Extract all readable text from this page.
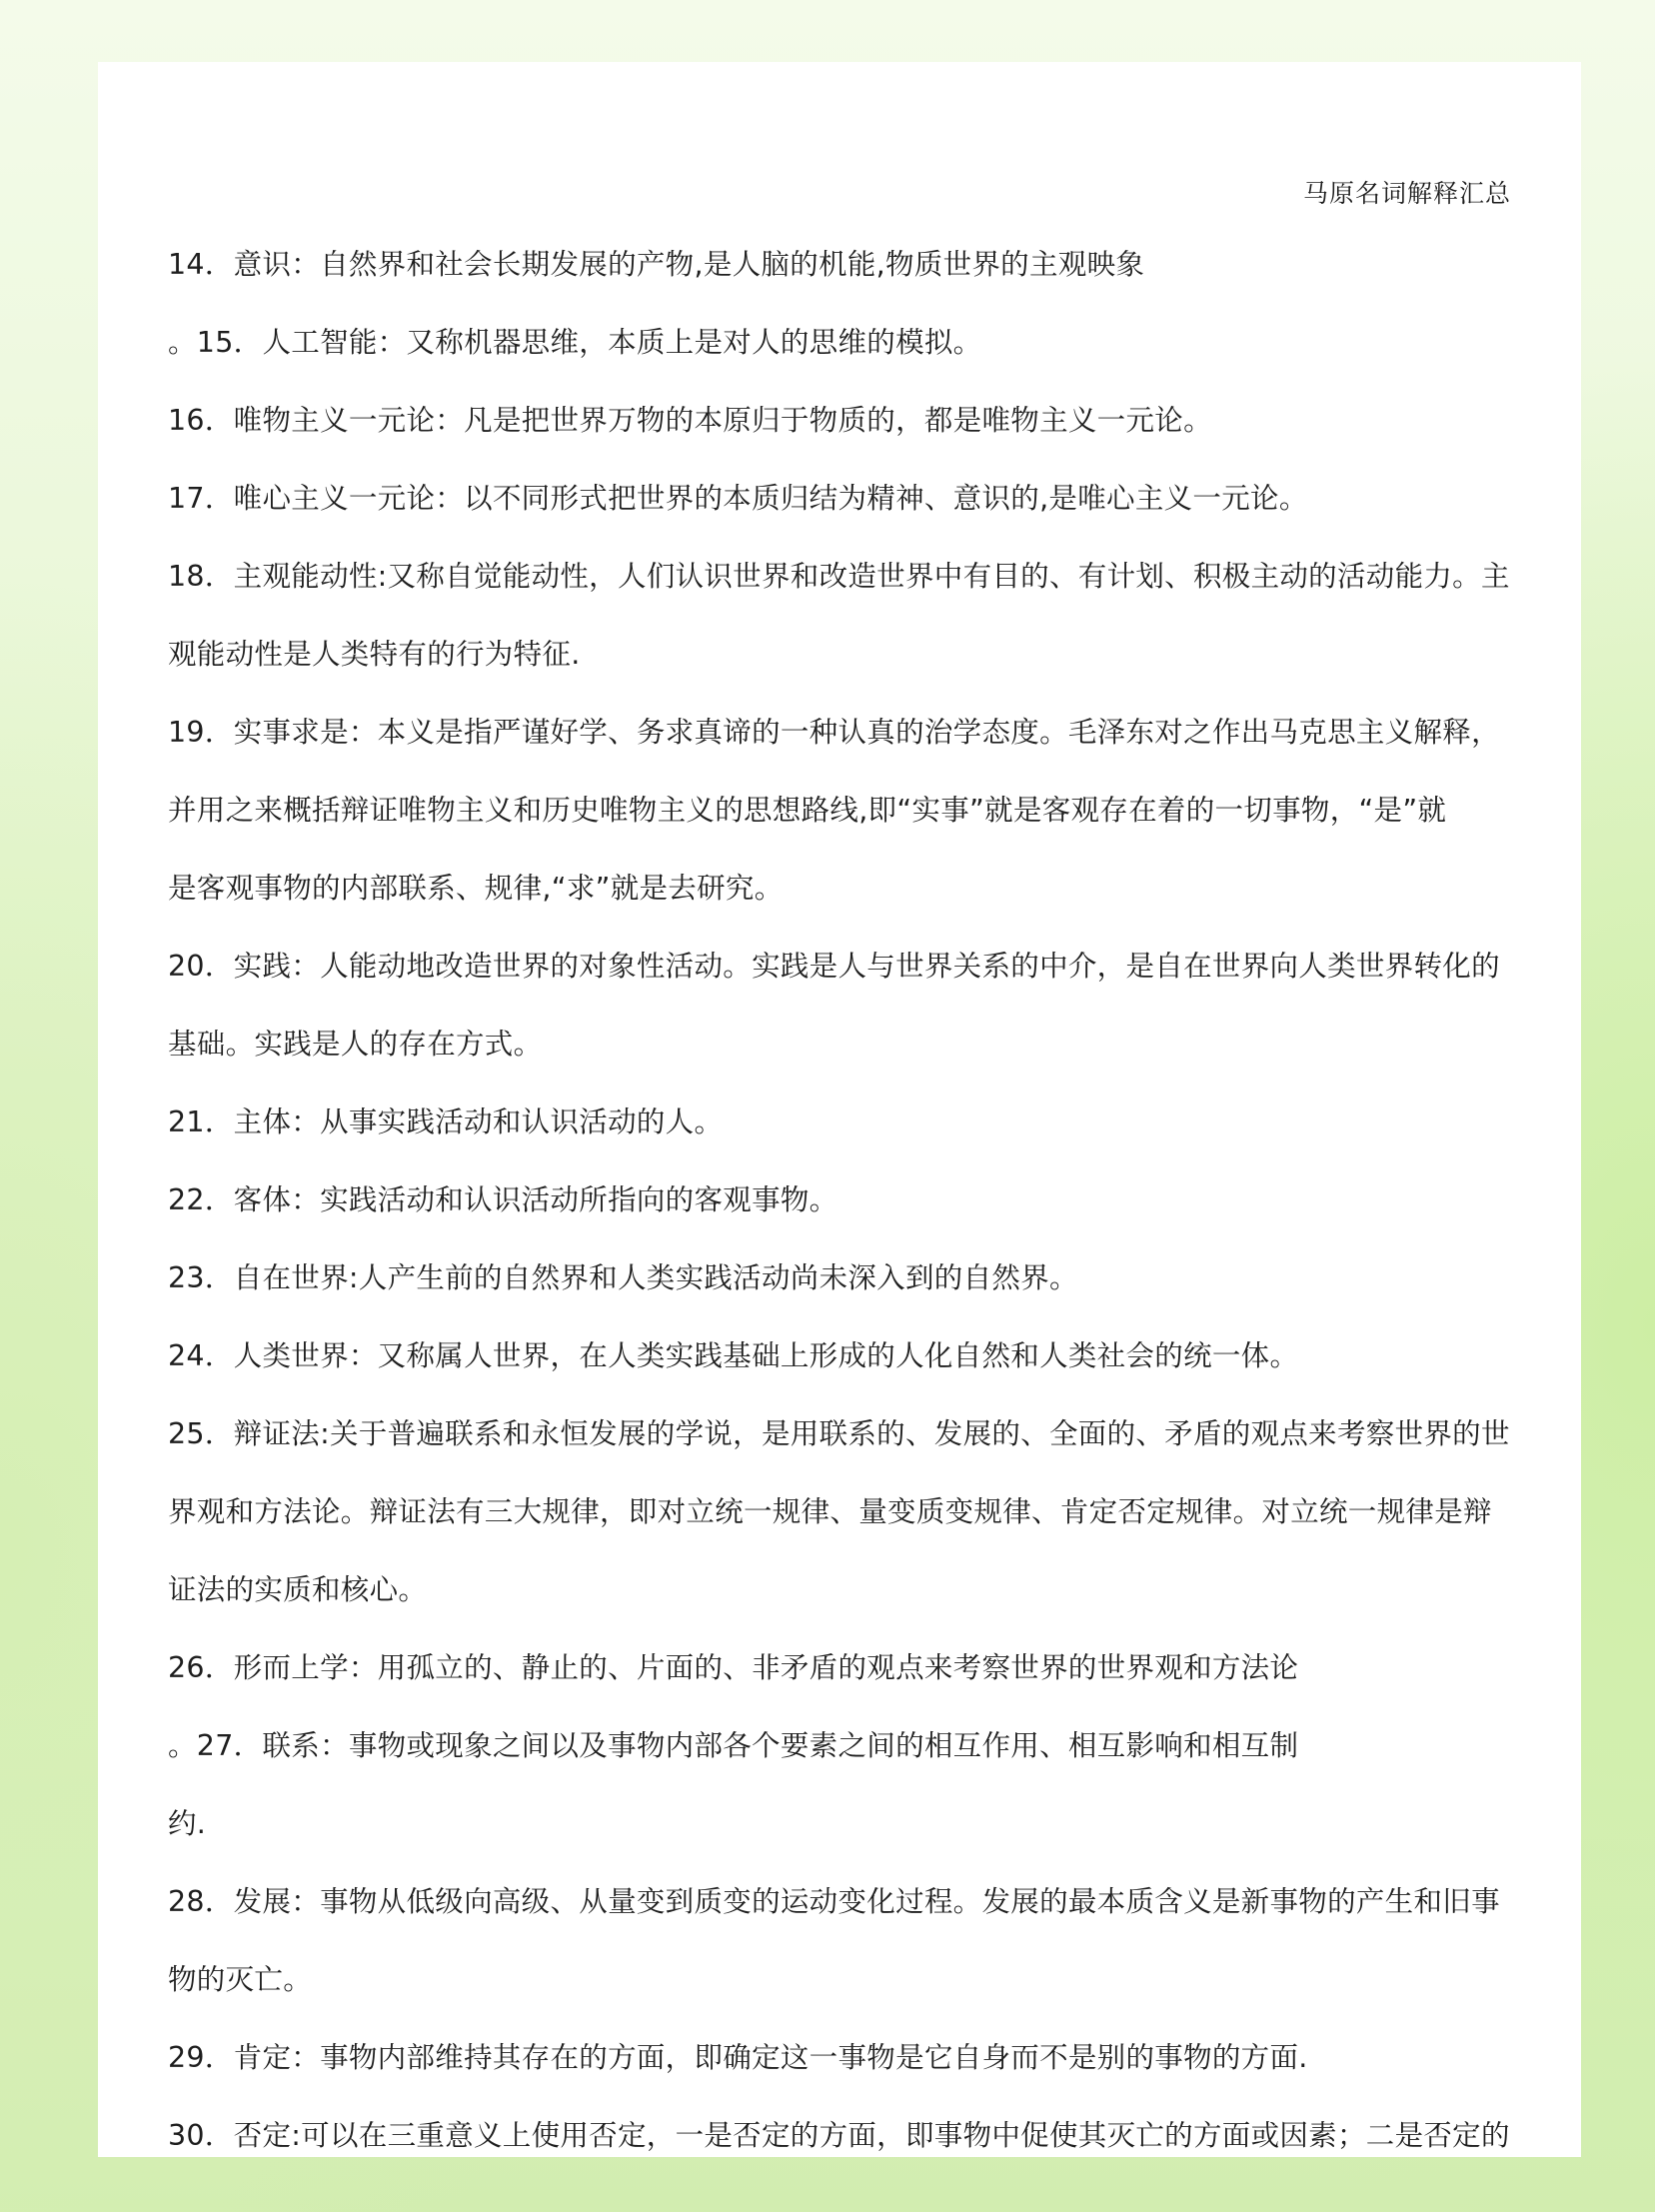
马原名词解释汇总
14．意识：自然界和社会长期发展的产物,是人脑的机能,物质世界的主观映象
。15．人工智能：又称机器思维，本质上是对人的思维的模拟。
16．唯物主义一元论：凡是把世界万物的本原归于物质的，都是唯物主义一元论。
17．唯心主义一元论：以不同形式把世界的本质归结为精神、意识的,是唯心主义一元论。
18．主观能动性:又称自觉能动性，人们认识世界和改造世界中有目的、有计划、积极主动的活动能力。主
观能动性是人类特有的行为特征.
19．实事求是：本义是指严谨好学、务求真谛的一种认真的治学态度。毛泽东对之作出马克思主义解释，
并用之来概括辩证唯物主义和历史唯物主义的思想路线,即“实事”就是客观存在着的一切事物，“是”就
是客观事物的内部联系、规律,“求”就是去研究。
20．实践：人能动地改造世界的对象性活动。实践是人与世界关系的中介，是自在世界向人类世界转化的
基础。实践是人的存在方式。
21．主体：从事实践活动和认识活动的人。
22．客体：实践活动和认识活动所指向的客观事物。
23．自在世界:人产生前的自然界和人类实践活动尚未深入到的自然界。
24．人类世界：又称属人世界，在人类实践基础上形成的人化自然和人类社会的统一体。
25．辩证法:关于普遍联系和永恒发展的学说，是用联系的、发展的、全面的、矛盾的观点来考察世界的世
界观和方法论。辩证法有三大规律，即对立统一规律、量变质变规律、肯定否定规律。对立统一规律是辩
证法的实质和核心。
26．形而上学：用孤立的、静止的、片面的、非矛盾的观点来考察世界的世界观和方法论
。27．联系：事物或现象之间以及事物内部各个要素之间的相互作用、相互影响和相互制
约.
28．发展：事物从低级向高级、从量变到质变的运动变化过程。发展的最本质含义是新事物的产生和旧事
物的灭亡。
29．肯定：事物内部维持其存在的方面，即确定这一事物是它自身而不是别的事物的方面.
30．否定:可以在三重意义上使用否定，一是否定的方面，即事物中促使其灭亡的方面或因素；二是否定的
